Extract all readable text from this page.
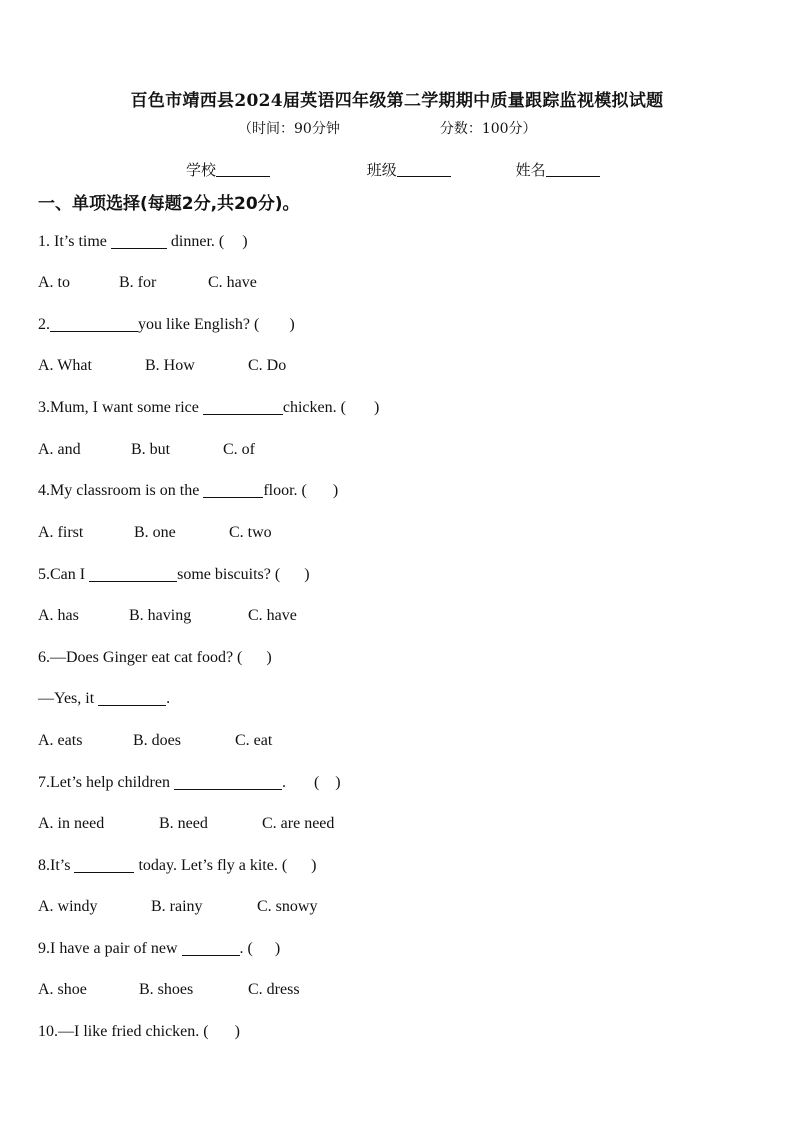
百色市靖西县2024届英语四年级第二学期期中质量跟踪监视模拟试题
（时间：90分钟	分数：100分）
学校	班级	姓名
一、单项选择(每题2分,共20分)。
1. It’s time	dinner. ( )
A. to	B. for	C. have
2.	you like English? ( )
A. What	B. How	C. Do
3.Mum, I want some rice	chicken. ( )
A. and	B. but	C. of
4.My classroom is on the	floor. ( )
A. first	B. one	C. two
5.Can I	some biscuits? ( )
A. has	B. having	C. have
6.—Does Ginger eat cat food? ( )
—Yes, it	.
A. eats	B. does	C. eat
7.Let’s help children	. ( )
A. in need	B. need	C. are need
8.It’s	today. Let’s fly a kite. ( )
A. windy	B. rainy	C. snowy
9.I have a pair of new	. ( )
A. shoe	B. shoes	C. dress
10.—I like fried chicken. ( )
